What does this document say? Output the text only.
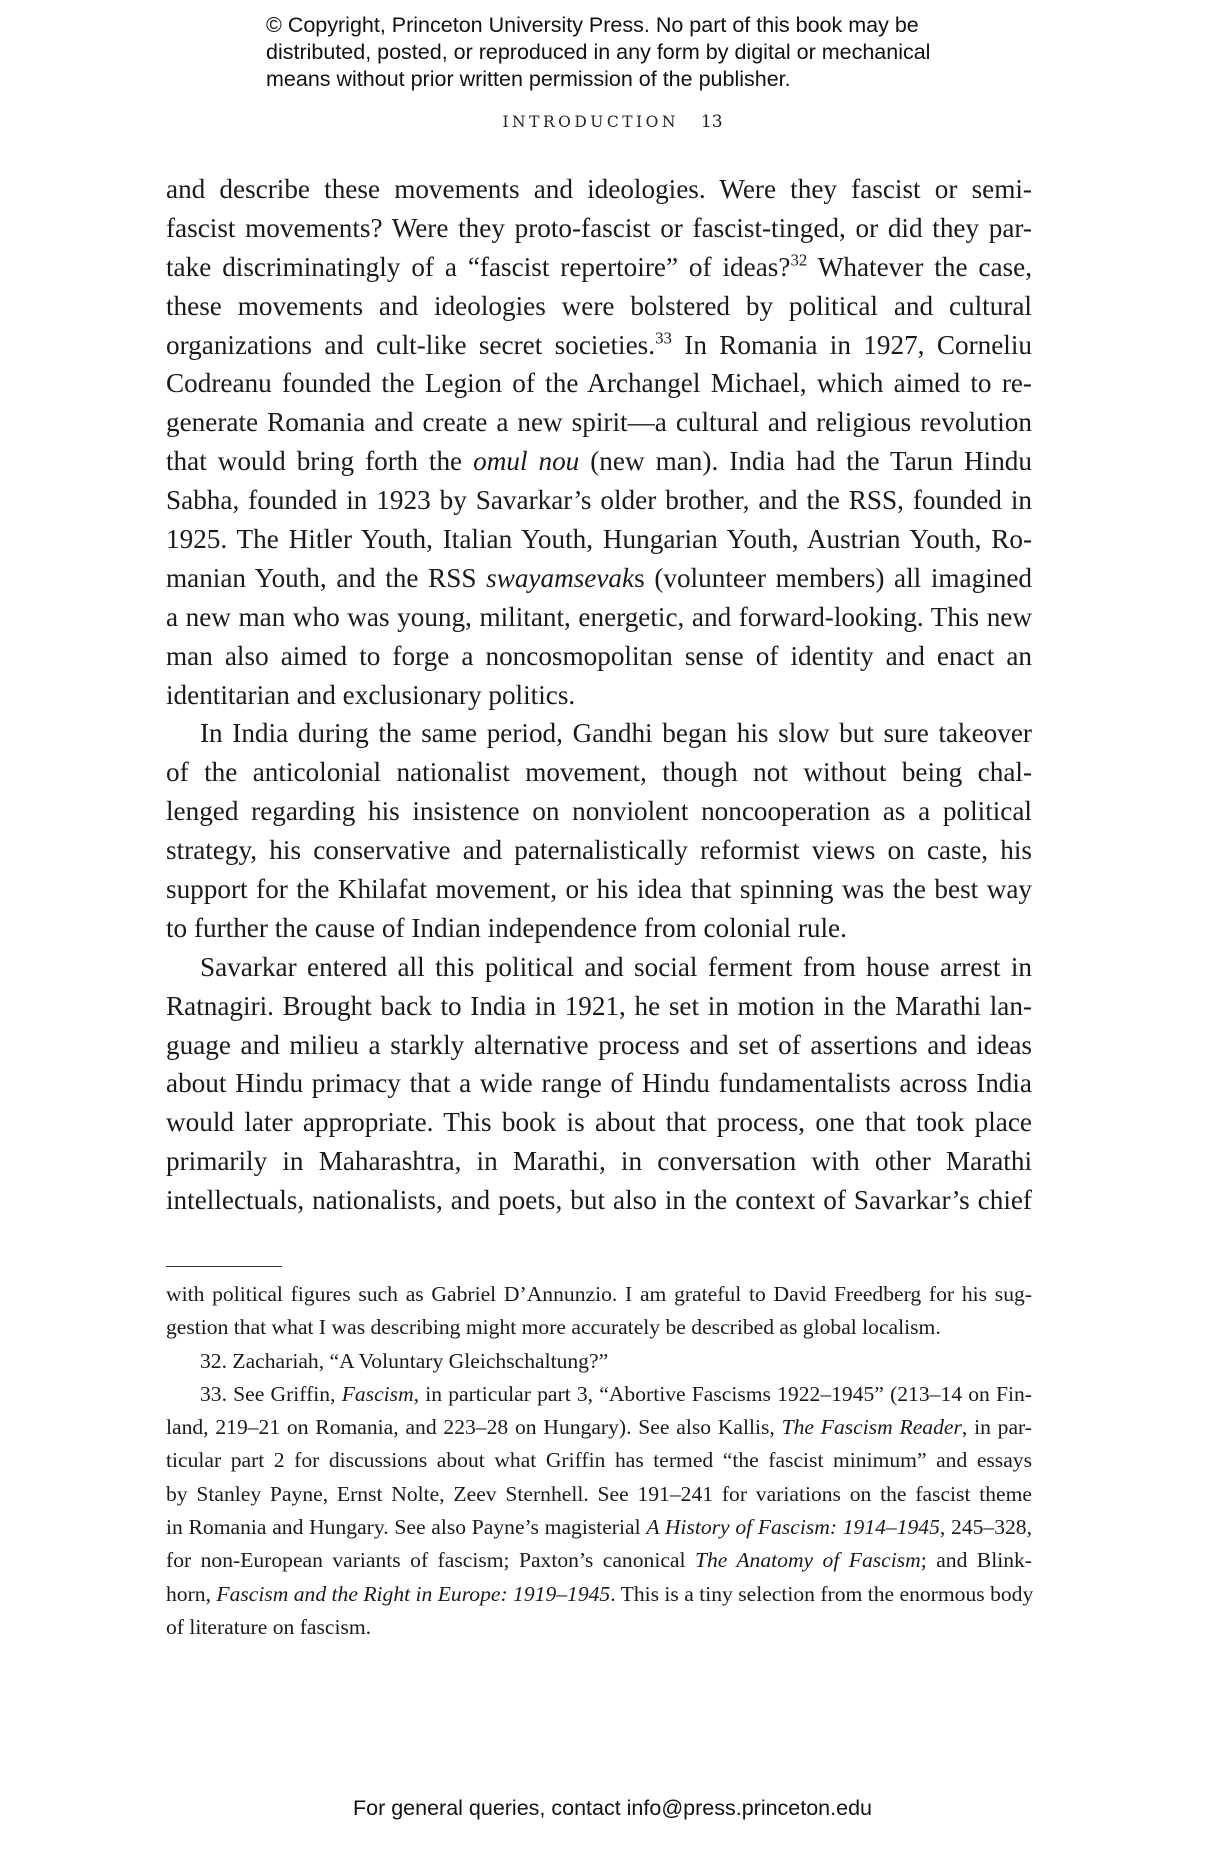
© Copyright, Princeton University Press. No part of this book may be
distributed, posted, or reproduced in any form by digital or mechanical
means without prior written permission of the publisher.
INTRODUCTION 13
and describe these movements and ideologies. Were they fascist or semi-
fascist movements? Were they proto-fascist or fascist-tinged, or did they par-
take discriminatingly of a “fascist repertoire” of ideas?$^{32}$ Whatever the case,
these movements and ideologies were bolstered by political and cultural
organizations and cult-like secret societies.$^{33}$ In Romania in 1927, Corneliu
Codreanu founded the Legion of the Archangel Michael, which aimed to re-
generate Romania and create a new spirit—a cultural and religious revolution
that would bring forth the omul nou (new man). India had the Tarun Hindu
Sabha, founded in 1923 by Savarkar’s older brother, and the RSS, founded in
1925. The Hitler Youth, Italian Youth, Hungarian Youth, Austrian Youth, Ro-
manian Youth, and the RSS swayamsevaks (volunteer members) all imagined
a new man who was young, militant, energetic, and forward-looking. This new
man also aimed to forge a noncosmopolitan sense of identity and enact an
identitarian and exclusionary politics.
In India during the same period, Gandhi began his slow but sure takeover
of the anticolonial nationalist movement, though not without being chal-
lenged regarding his insistence on nonviolent noncooperation as a political
strategy, his conservative and paternalistically reformist views on caste, his
support for the Khilafat movement, or his idea that spinning was the best way
to further the cause of Indian independence from colonial rule.
Savarkar entered all this political and social ferment from house arrest in
Ratnagiri. Brought back to India in 1921, he set in motion in the Marathi lan-
guage and milieu a starkly alternative process and set of assertions and ideas
about Hindu primacy that a wide range of Hindu fundamentalists across India
would later appropriate. This book is about that process, one that took place
primarily in Maharashtra, in Marathi, in conversation with other Marathi
intellectuals, nationalists, and poets, but also in the context of Savarkar’s chief
with political figures such as Gabriel D’Annunzio. I am grateful to David Freedberg for his sug-
gestion that what I was describing might more accurately be described as global localism.
32. Zachariah, “A Voluntary Gleichschaltung?”
33. See Griffin, Fascism, in particular part 3, “Abortive Fascisms 1922–1945” (213–14 on Fin-
land, 219–21 on Romania, and 223–28 on Hungary). See also Kallis, The Fascism Reader, in par-
ticular part 2 for discussions about what Griffin has termed “the fascist minimum” and essays
by Stanley Payne, Ernst Nolte, Zeev Sternhell. See 191–241 for variations on the fascist theme
in Romania and Hungary. See also Payne’s magisterial A History of Fascism: 1914–1945, 245–328,
for non-European variants of fascism; Paxton’s canonical The Anatomy of Fascism; and Blink-
horn, Fascism and the Right in Europe: 1919–1945. This is a tiny selection from the enormous body
of literature on fascism.
For general queries, contact info@press.princeton.edu
